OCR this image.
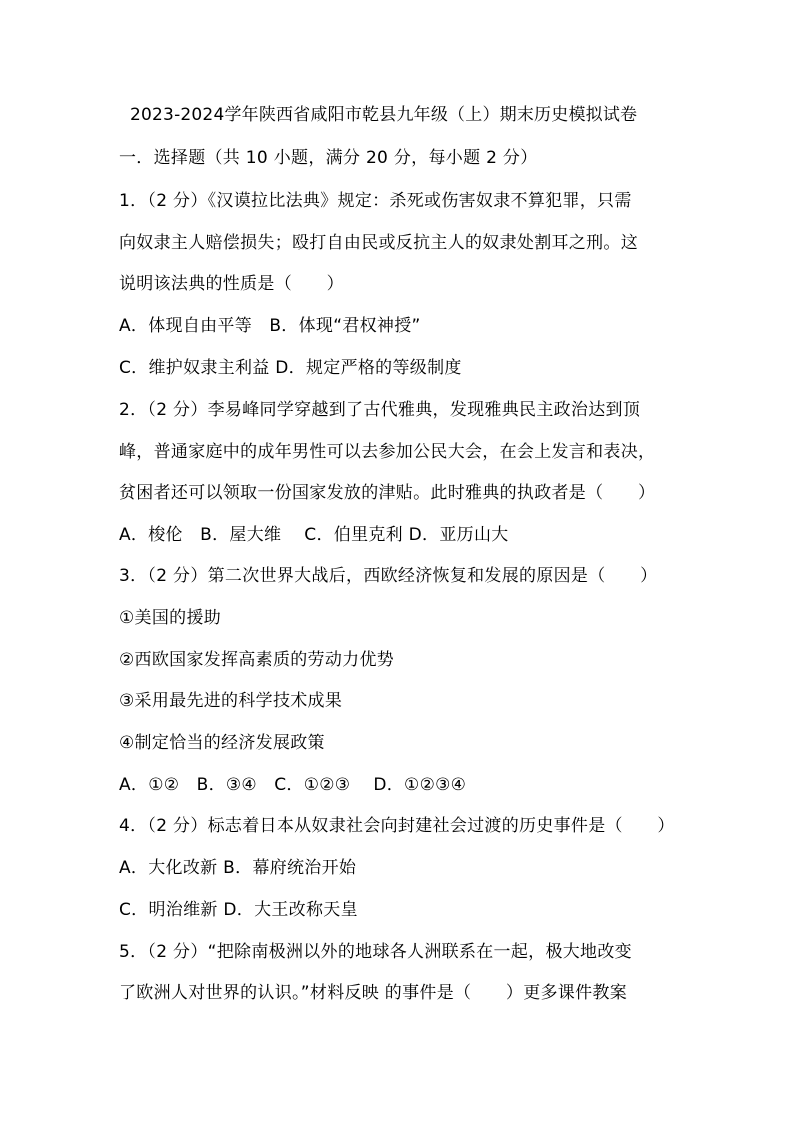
2023-2024学年陕西省咸阳市乾县九年级（上）期末历史模拟试卷
一．选择题（共 10 小题，满分 20 分，每小题 2 分）
1．（2 分）《汉谟拉比法典》规定：杀死或伤害奴隶不算犯罪，只需
向奴隶主人赔偿损失；殴打自由民或反抗主人的奴隶处割耳之刑。这
说明该法典的性质是（　　）
A．体现自由平等　B．体现“君权神授”
C．维护奴隶主利益 D．规定严格的等级制度
2．（2 分）李易峰同学穿越到了古代雅典，发现雅典民主政治达到顶
峰，普通家庭中的成年男性可以去参加公民大会，在会上发言和表决，
贫困者还可以领取一份国家发放的津贴。此时雅典的执政者是（　　）
A．梭伦　B．屋大维　 C．伯里克利 D．亚历山大
3．（2 分）第二次世界大战后，西欧经济恢复和发展的原因是（　　）
①美国的援助
②西欧国家发挥高素质的劳动力优势
③采用最先进的科学技术成果
④制定恰当的经济发展政策
A．①②　B．③④　C．①②③　 D．①②③④
4．（2 分）标志着日本从奴隶社会向封建社会过渡的历史事件是（　　）
A．大化改新 B．幕府统治开始
C．明治维新 D．大王改称天皇
5．（2 分）“把除南极洲以外的地球各人洲联系在一起，极大地改变
了欧洲人对世界的认识。”材料反映 的事件是（　　）更多课件教案
